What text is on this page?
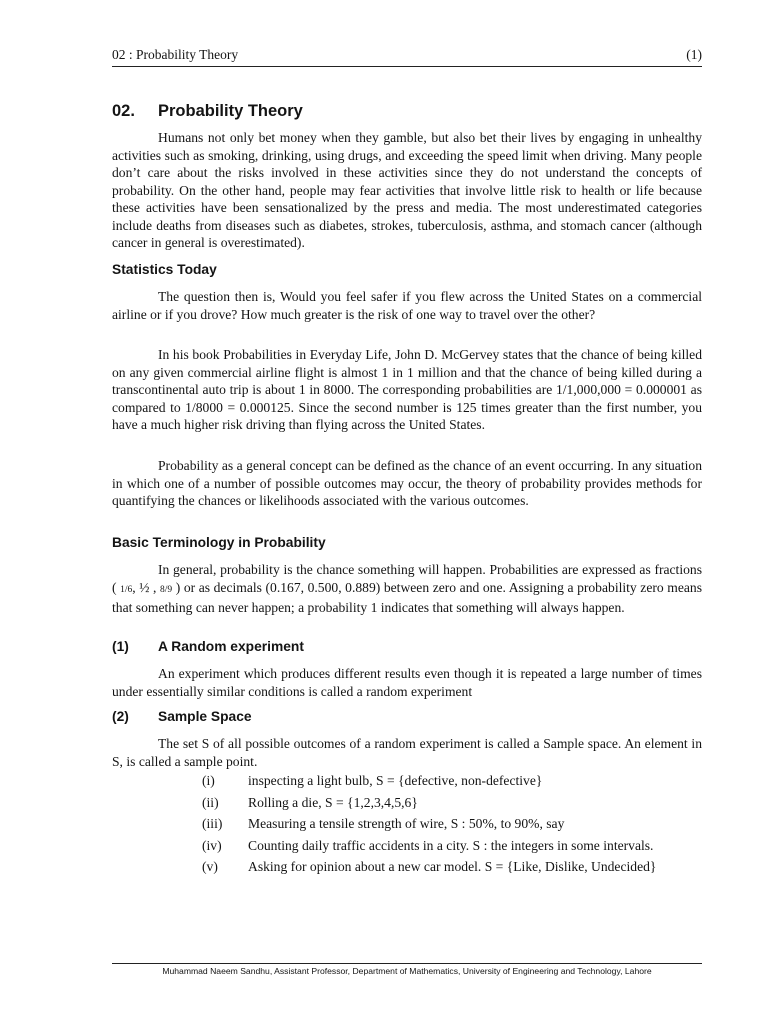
02 : Probability Theory	(1)
02. Probability Theory

Humans not only bet money when they gamble, but also bet their lives by engaging in unhealthy activities such as smoking, drinking, using drugs, and exceeding the speed limit when driving. Many people don’t care about the risks involved in these activities since they do not understand the concepts of probability. On the other hand, people may fear activities that involve little risk to health or life because these activities have been sensationalized by the press and media. The most underestimated categories include deaths from diseases such as diabetes, strokes, tuberculosis, asthma, and stomach cancer (although cancer in general is overestimated).

Statistics Today

The question then is, Would you feel safer if you flew across the United States on a commercial airline or if you drove? How much greater is the risk of one way to travel over the other?

In his book Probabilities in Everyday Life, John D. McGervey states that the chance of being killed on any given commercial airline flight is almost 1 in 1 million and that the chance of being killed during a transcontinental auto trip is about 1 in 8000. The corresponding probabilities are 1/1,000,000 = 0.000001 as compared to 1/8000 = 0.000125. Since the second number is 125 times greater than the first number, you have a much higher risk driving than flying across the United States.

Probability as a general concept can be defined as the chance of an event occurring. In any situation in which one of a number of possible outcomes may occur, the theory of probability provides methods for quantifying the chances or likelihoods associated with the various outcomes.

Basic Terminology in Probability

In general, probability is the chance something will happen. Probabilities are expressed as fractions ( 1/6, ½ , 8/9 ) or as decimals (0.167, 0.500, 0.889) between zero and one. Assigning a probability zero means that something can never happen; a probability 1 indicates that something will always happen.

(1) A Random experiment

An experiment which produces different results even though it is repeated a large number of times under essentially similar conditions is called a random experiment

(2) Sample Space

The set S of all possible outcomes of a random experiment is called a Sample space. An element in S, is called a sample point.

(i)	inspecting a light bulb, S = {defective, non-defective}
(ii)	Rolling a die, S = {1,2,3,4,5,6}
(iii)	Measuring a tensile strength of wire, S : 50%, to 90%, say
(iv)	Counting daily traffic accidents in a city. S : the integers in some intervals.
(v)	Asking for opinion about a new car model. S = {Like, Dislike, Undecided}
Muhammad Naeem Sandhu, Assistant Professor, Department of Mathematics, University of Engineering and Technology, Lahore
